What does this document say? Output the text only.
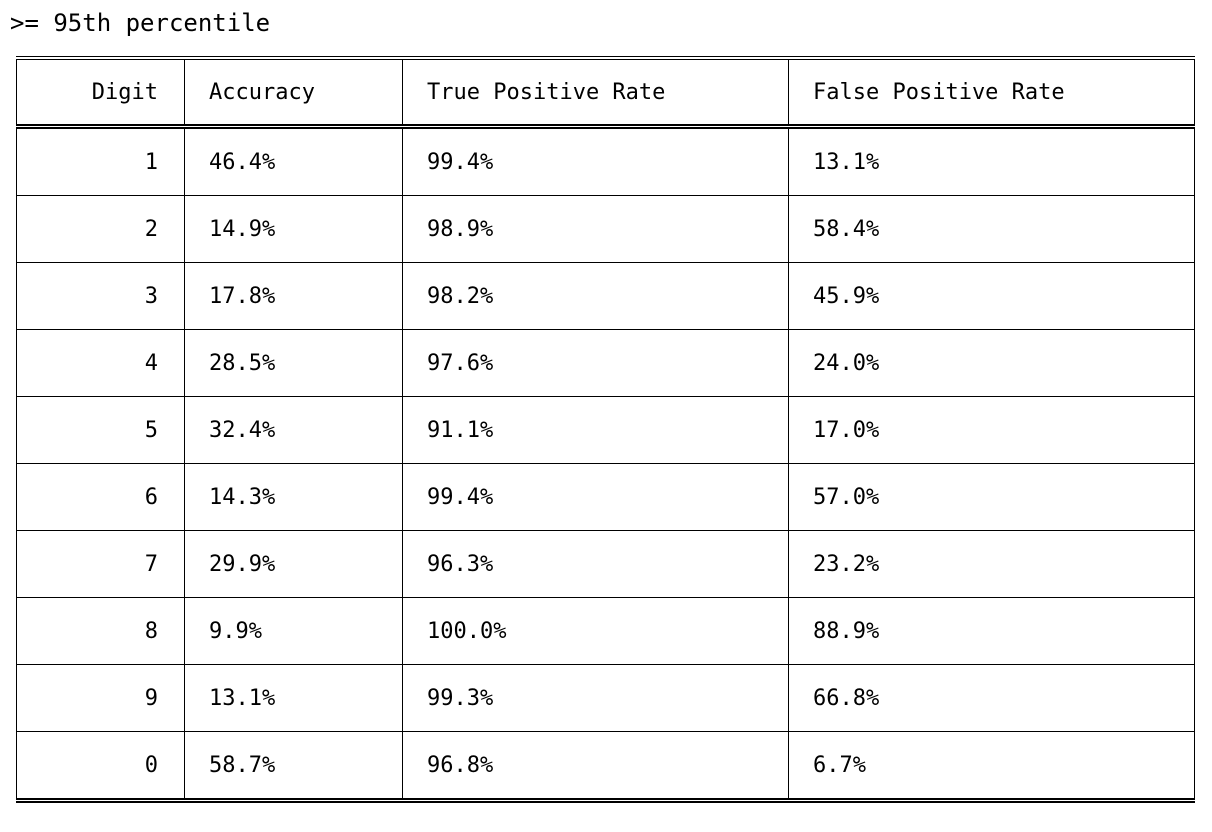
>= 95th percentile
Digit	Accuracy	True Positive Rate	False Positive Rate
1	46.4%	99.4%	13.1%
2	14.9%	98.9%	58.4%
3	17.8%	98.2%	45.9%
4	28.5%	97.6%	24.0%
5	32.4%	91.1%	17.0%
6	14.3%	99.4%	57.0%
7	29.9%	96.3%	23.2%
8	9.9%	100.0%	88.9%
9	13.1%	99.3%	66.8%
0	58.7%	96.8%	6.7%
